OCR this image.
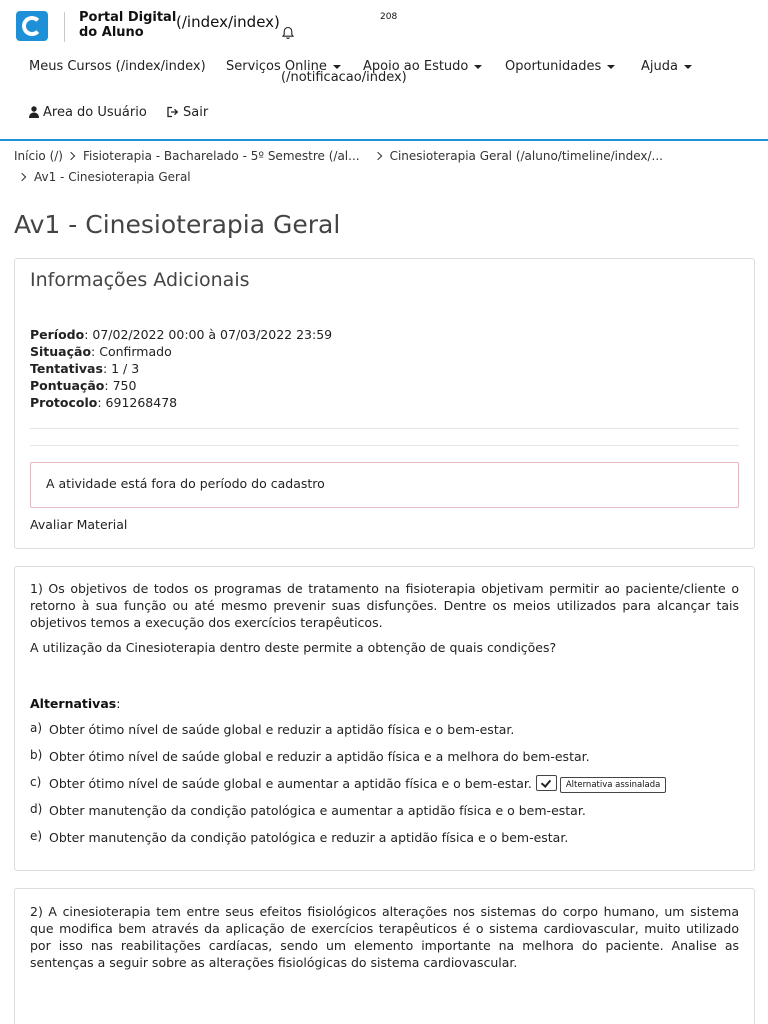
Portal Digital
do Aluno
(/index/index)	208
Meus Cursos (/index/index) Serviços Online	Apoio ao Estudo	Oportunidades	Ajuda
(/notificacao/index)
Area do Usuário	Sair
Início (/) Fisioterapia - Bacharelado - 5º Semestre (/al...	Cinesioterapia Geral (/aluno/timeline/index/...
Av1 - Cinesioterapia Geral
Av1 - Cinesioterapia Geral
Informações Adicionais
Período: 07/02/2022 00:00 à 07/03/2022 23:59
Situação: Confirmado
Tentativas: 1 / 3
Pontuação: 750
Protocolo: 691268478
A atividade está fora do período do cadastro
Avaliar Material
1) Os objetivos de todos os programas de tratamento na fisioterapia objetivam permitir ao paciente/cliente o retorno à sua função ou até mesmo prevenir suas disfunções. Dentre os meios utilizados para alcançar tais objetivos temos a execução dos exercícios terapêuticos.
A utilização da Cinesioterapia dentro deste permite a obtenção de quais condições?
Alternativas:
a) Obter ótimo nível de saúde global e reduzir a aptidão física e o bem-estar.
b) Obter ótimo nível de saúde global e reduzir a aptidão física e a melhora do bem-estar.
c) Obter ótimo nível de saúde global e aumentar a aptidão física e o bem-estar.	Alternativa assinalada
d) Obter manutenção da condição patológica e aumentar a aptidão física e o bem-estar.
e) Obter manutenção da condição patológica e reduzir a aptidão física e o bem-estar.
2) A cinesioterapia tem entre seus efeitos fisiológicos alterações nos sistemas do corpo humano, um sistema que modifica bem através da aplicação de exercícios terapêuticos é o sistema cardiovascular, muito utilizado por isso nas reabilitações cardíacas, sendo um elemento importante na melhora do paciente. Analise as sentenças a seguir sobre as alterações fisiológicas do sistema cardiovascular.
